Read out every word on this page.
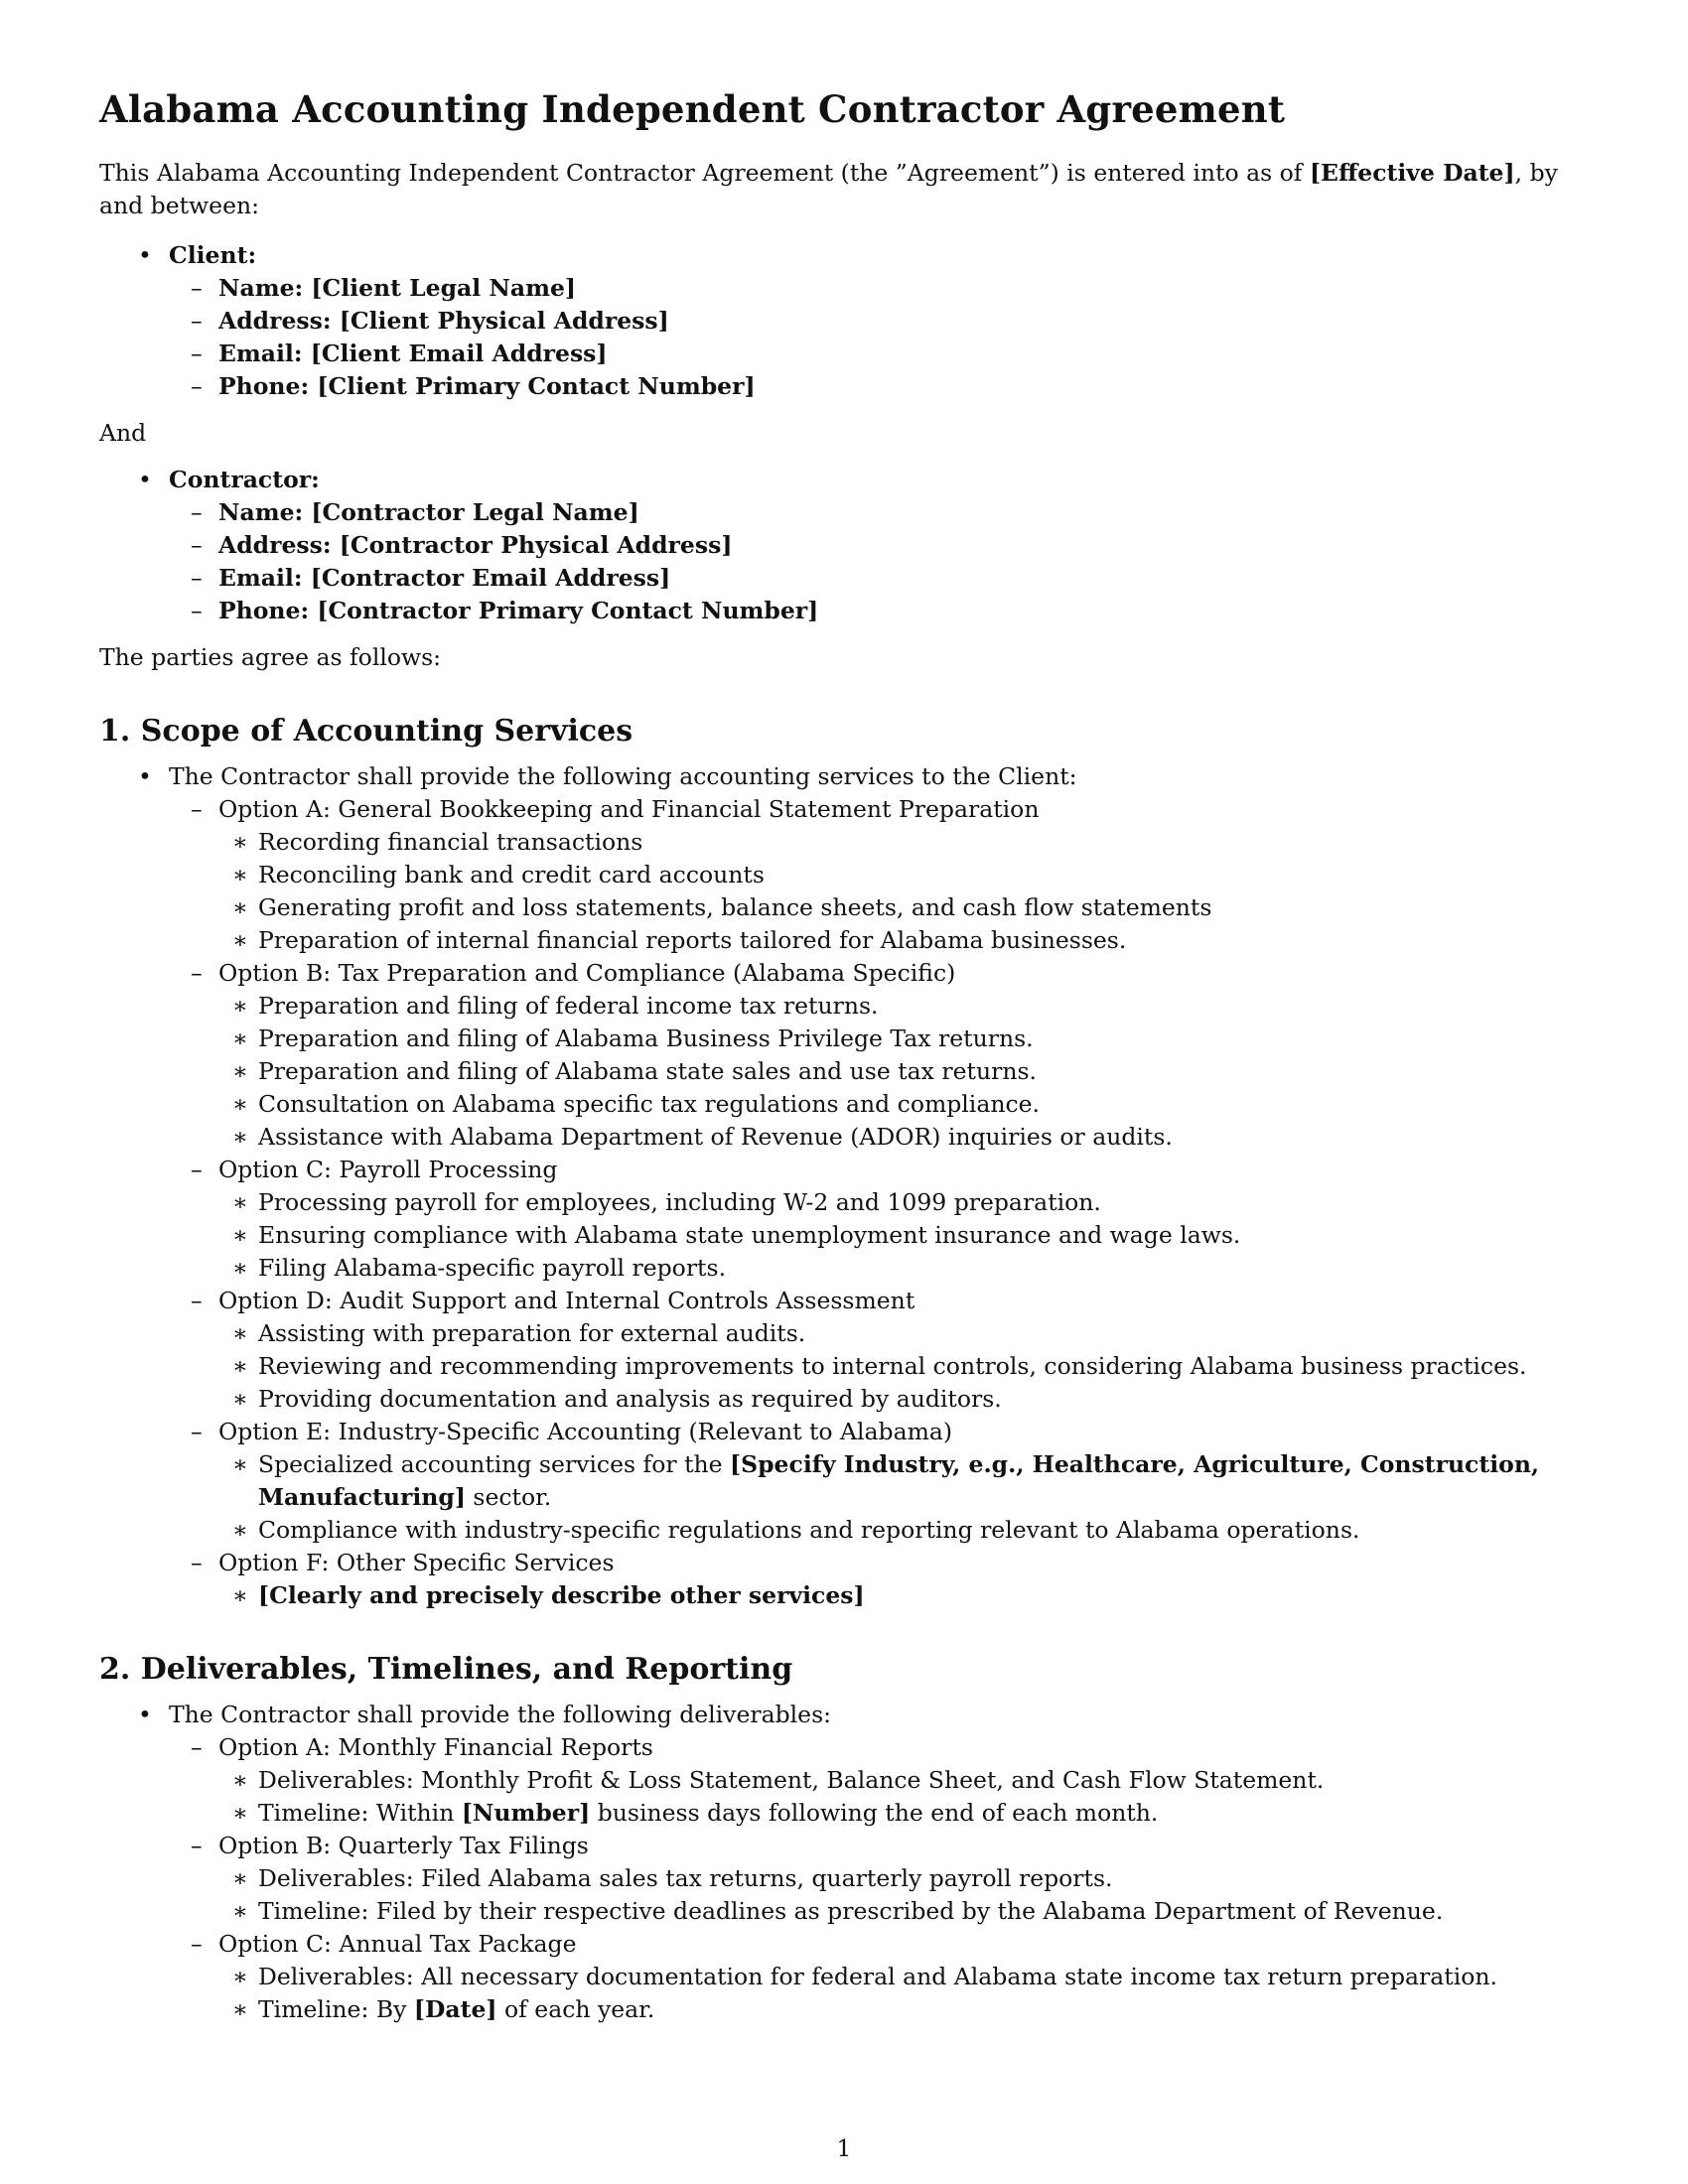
Alabama Accounting Independent Contractor Agreement

This Alabama Accounting Independent Contractor Agreement (the ”Agreement”) is entered into as of [Effective Date], by and between:

• Client:
– Name: [Client Legal Name]
– Address: [Client Physical Address]
– Email: [Client Email Address]
– Phone: [Client Primary Contact Number]

And

• Contractor:
– Name: [Contractor Legal Name]
– Address: [Contractor Physical Address]
– Email: [Contractor Email Address]
– Phone: [Contractor Primary Contact Number]

The parties agree as follows:

1. Scope of Accounting Services
• The Contractor shall provide the following accounting services to the Client:
– Option A: General Bookkeeping and Financial Statement Preparation
∗ Recording financial transactions
∗ Reconciling bank and credit card accounts
∗ Generating profit and loss statements, balance sheets, and cash flow statements
∗ Preparation of internal financial reports tailored for Alabama businesses.
– Option B: Tax Preparation and Compliance (Alabama Specific)
∗ Preparation and filing of federal income tax returns.
∗ Preparation and filing of Alabama Business Privilege Tax returns.
∗ Preparation and filing of Alabama state sales and use tax returns.
∗ Consultation on Alabama specific tax regulations and compliance.
∗ Assistance with Alabama Department of Revenue (ADOR) inquiries or audits.
– Option C: Payroll Processing
∗ Processing payroll for employees, including W-2 and 1099 preparation.
∗ Ensuring compliance with Alabama state unemployment insurance and wage laws.
∗ Filing Alabama-specific payroll reports.
– Option D: Audit Support and Internal Controls Assessment
∗ Assisting with preparation for external audits.
∗ Reviewing and recommending improvements to internal controls, considering Alabama business practices.
∗ Providing documentation and analysis as required by auditors.
– Option E: Industry-Specific Accounting (Relevant to Alabama)
∗ Specialized accounting services for the [Specify Industry, e.g., Healthcare, Agriculture, Construction, Manufacturing] sector.
∗ Compliance with industry-specific regulations and reporting relevant to Alabama operations.
– Option F: Other Specific Services
∗ [Clearly and precisely describe other services]
2. Deliverables, Timelines, and Reporting
• The Contractor shall provide the following deliverables:
– Option A: Monthly Financial Reports
∗ Deliverables: Monthly Profit & Loss Statement, Balance Sheet, and Cash Flow Statement.
∗ Timeline: Within [Number] business days following the end of each month.
– Option B: Quarterly Tax Filings
∗ Deliverables: Filed Alabama sales tax returns, quarterly payroll reports.
∗ Timeline: Filed by their respective deadlines as prescribed by the Alabama Department of Revenue.
– Option C: Annual Tax Package
∗ Deliverables: All necessary documentation for federal and Alabama state income tax return preparation.
∗ Timeline: By [Date] of each year.
1
